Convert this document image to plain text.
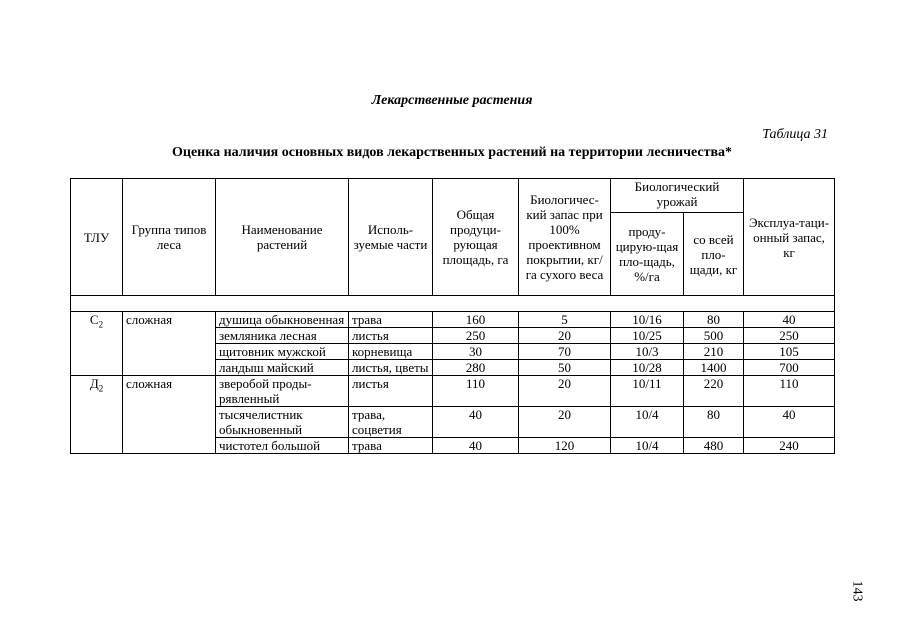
Лекарственные растения
Таблица 31
Оценка наличия основных видов лекарственных растений на территории лесничества*
ТЛУ	Группа типов леса	Наименование растений	Исполь-зуемые части	Общая продуци-рующая площадь, га	Биологичес-кий запас при 100% проективном покрытии, кг/га сухого веса	Биологический урожай		Эксплуа-таци-онный запас, кг
						проду-цирую-щая пло-щадь, %/га	со всей пло-щади, кг	

$С_2$	сложная	душица обыкновенная	трава	160	5	10/16	80	40
		земляника лесная	листья	250	20	10/25	500	250
		щитовник мужской	корневища	30	70	10/3	210	105
		ландыш майский	листья, цветы	280	50	10/28	1400	700
$Д_2$	сложная	зверобой проды-рявленный	листья	110	20	10/11	220	110
		тысячелистник обыкновенный	трава, соцветия	40	20	10/4	80	40
		чистотел большой	трава	40	120	10/4	480	240
143
